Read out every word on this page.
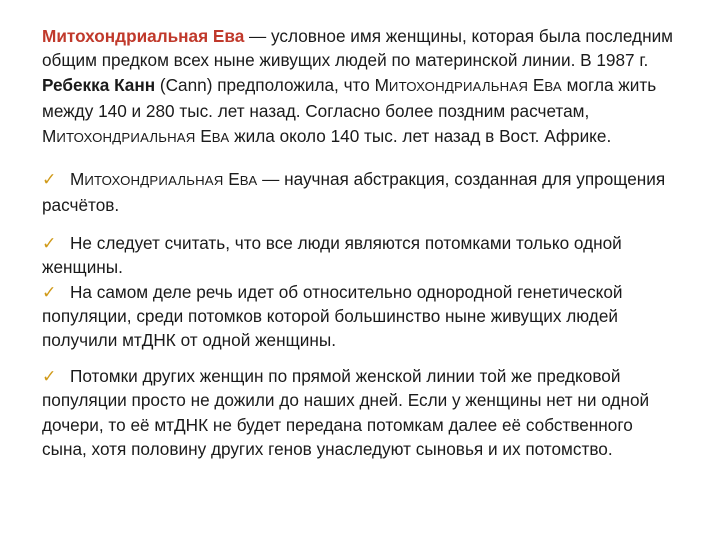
Митохондриальная Ева — условное имя женщины, которая была последним общим предком всех ныне живущих людей по материнской линии. В 1987 г. Ребекка Канн (Cann) предположила, что МИТОХОНДРИАЛЬНАЯ ЕВА могла жить между 140 и 280 тыс. лет назад. Согласно более поздним расчетам, МИТОХОНДРИАЛЬНАЯ ЕВА жила около 140 тыс. лет назад в Вост. Африке.

✓ МИТОХОНДРИАЛЬНАЯ ЕВА — научная абстракция, созданная для упрощения расчётов.

✓ Не следует считать, что все люди являются потомками только одной женщины.

✓ На самом деле речь идет об относительно однородной генетической популяции, среди потомков которой большинство ныне живущих людей получили мтДНК от одной женщины.

✓ Потомки других женщин по прямой женской линии той же предковой популяции просто не дожили до наших дней. Если у женщины нет ни одной дочери, то её мтДНК не будет передана потомкам далее её собственного сына, хотя половину других генов унаследуют сыновья и их потомство.
